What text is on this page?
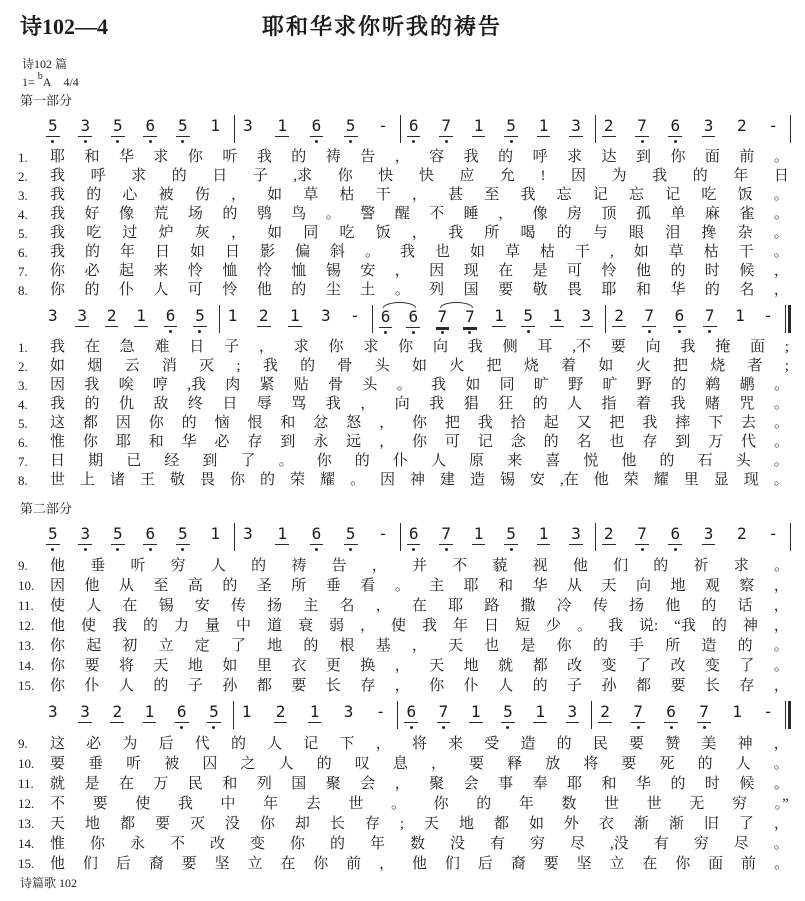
诗102—4	耶和华求你听我的祷告
诗102 篇
1= $^b$A 4/4
第一部分
5 3 5 6 5 1 3 1 6 5 - 6 7 1 5 1 3 2 7 6 3 2 -
1.	耶 和 华 求 你 听 我 的 祷 告 ， 容 我 的 呼 求 达 到 你 面 前 。
2.	我 呼 求 的 日 子 ,求 你 快 快 应 允 ! 因 为 我 的 年 日
3.	我 的 心 被 伤 ， 如 草 枯 干 ， 甚 至 我 忘 记 忘 记 吃 饭 。
4.	我 好 像 荒 场 的 鸮 鸟 。 警 醒 不 睡 ， 像 房 顶 孤 单 麻 雀 。
5.	我 吃 过 炉 灰 ， 如 同 吃 饭 ， 我 所 喝 的 与 眼 泪 搀 杂 。
6.	我 的 年 日 如 日 影 偏 斜 。 我 也 如 草 枯 干 , 如 草 枯 干 。
7.	你 必 起 来 怜 恤 怜 恤 锡 安 ， 因 现 在 是 可 怜 他 的 时 候 ，
8.	你 的 仆 人 可 怜 他 的 尘 土 。 列 国 要 敬 畏 耶 和 华 的 名 ，
3 3 2 1 6 5 1 2 1 3 - 6 6 7 7 1 5 1 3 2 7 6 7 1 -
1.	我 在 急 难 日 子 ， 求 你 求 你 向 我 侧 耳 ,不 要 向 我 掩 面 ;
2.	如 烟 云 消 灭 ; 我 的 骨 头 如 火 把 烧 着 如 火 把 烧 者 ;
3.	因 我 唉 哼 ,我 肉 紧 贴 骨 头 。 我 如 同 旷 野 旷 野 的 鹈 鹕 。
4.	我 的 仇 敌 终 日 辱 骂 我 ， 向 我 猖 狂 的 人 指 着 我 赌 咒 。
5.	这 都 因 你 的 恼 恨 和 忿 怒 ， 你 把 我 拾 起 又 把 我 摔 下 去 。
6.	惟 你 耶 和 华 必 存 到 永 远 ， 你 可 记 念 的 名 也 存 到 万 代 。
7.	日 期 已 经 到 了 。 你 的 仆 人 原 来 喜 悦 他 的 石 头 。
8.	世 上 诸 王 敬 畏 你 的 荣 耀 。 因 神 建 造 锡 安 ,在 他 荣 耀 里 显 现 。
第二部分
5 3 5 6 5 1 3 1 6 5 - 6 7 1 5 1 3 2 7 6 3 2 -
9.	他 垂 听 穷 人 的 祷 告 ， 并 不 藐 视 他 们 的 祈 求 。
10.	因 他 从 至 高 的 圣 所 垂 看 。 主 耶 和 华 从 天 向 地 观 察 ，
11.	使 人 在 锡 安 传 扬 主 名 ， 在 耶 路 撒 冷 传 扬 他 的 话 ，
12.	他 使 我 的 力 量 中 道 衰 弱 ， 使 我 年 日 短 少 。 我 说: “我 的 神 ，
13.	你 起 初 立 定 了 地 的 根 基 ， 天 也 是 你 的 手 所 造 的 。
14.	你 要 将 天 地 如 里 衣 更 换 ， 天 地 就 都 改 变 了 改 变 了 。
15.	你 仆 人 的 子 孙 都 要 长 存 ， 你 仆 人 的 子 孙 都 要 长 存 ，
3 3 2 1 6 5 1 2 1 3 - 6 7 1 5 1 3 2 7 6 7 1 -
9.	这 必 为 后 代 的 人 记 下 ， 将 来 受 造 的 民 要 赞 美 神 ，
10.	要 垂 听 被 囚 之 人 的 叹 息 ， 要 释 放 将 要 死 的 人 。
11.	就 是 在 万 民 和 列 国 聚 会 ， 聚 会 事 奉 耶 和 华 的 时 候 。
12.	不 要 使 我 中 年 去 世 。 你 的 年 数 世 世 无 穷 。”
13.	天 地 都 要 灭 没 你 却 长 存 ; 天 地 都 如 外 衣 渐 渐 旧 了 ，
14.	惟 你 永 不 改 变 你 的 年 数 没 有 穷 尽 ,没 有 穷 尽 。
15.	他 们 后 裔 要 坚 立 在 你 前 ， 他 们 后 裔 要 坚 立 在 你 面 前 。
诗篇歌 102
